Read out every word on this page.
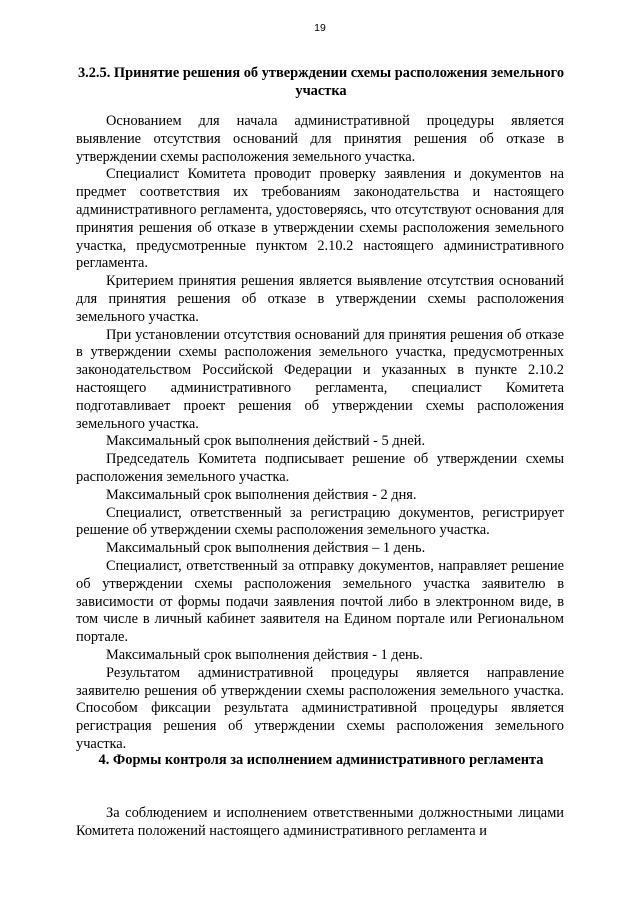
19
3.2.5. Принятие решения об утверждении схемы расположения земельного участка

Основанием для начала административной процедуры является выявление отсутствия оснований для принятия решения об отказе в утверждении схемы расположения земельного участка.

Специалист Комитета проводит проверку заявления и документов на предмет соответствия их требованиям законодательства и настоящего административного регламента, удостоверяясь, что отсутствуют основания для принятия решения об отказе в утверждении схемы расположения земельного участка, предусмотренные пунктом 2.10.2 настоящего административного регламента.

Критерием принятия решения является выявление отсутствия оснований для принятия решения об отказе в утверждении схемы расположения земельного участка.

При установлении отсутствия оснований для принятия решения об отказе в утверждении схемы расположения земельного участка, предусмотренных законодательством Российской Федерации и указанных в пункте 2.10.2 настоящего административного регламента, специалист Комитета подготавливает проект решения об утверждении схемы расположения земельного участка.

Максимальный срок выполнения действий - 5 дней.

Председатель Комитета подписывает решение об утверждении схемы расположения земельного участка.

Максимальный срок выполнения действия - 2 дня.

Специалист, ответственный за регистрацию документов, регистрирует решение об утверждении схемы расположения земельного участка.

Максимальный срок выполнения действия – 1 день.

Специалист, ответственный за отправку документов, направляет решение об утверждении схемы расположения земельного участка заявителю в зависимости от формы подачи заявления почтой либо в электронном виде, в том числе в личный кабинет заявителя на Едином портале или Региональном портале.

Максимальный срок выполнения действия - 1 день.

Результатом административной процедуры является направление заявителю решения об утверждении схемы расположения земельного участка. Способом фиксации результата административной процедуры является регистрация решения об утверждении схемы расположения земельного участка.

4. Формы контроля за исполнением административного регламента

За соблюдением и исполнением ответственными должностными лицами Комитета положений настоящего административного регламента и
